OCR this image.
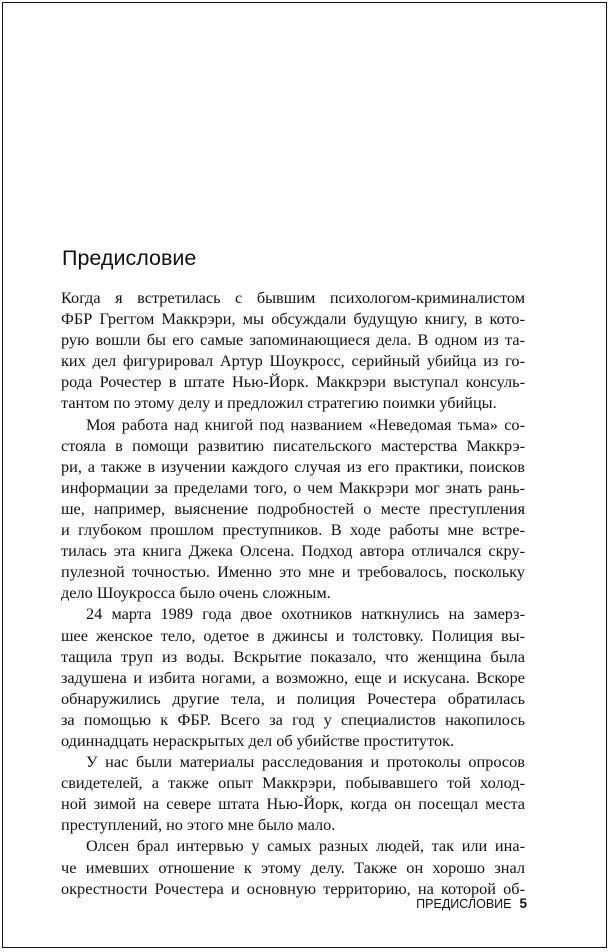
Предисловие
Когда я встретилась с бывшим психологом-криминалистом
ФБР Греггом Маккрэри, мы обсуждали будущую книгу, в кото-
рую вошли бы его самые запоминающиеся дела. В одном из та-
ких дел фигурировал Артур Шоукросс, серийный убийца из го-
рода Рочестер в штате Нью-Йорк. Маккрэри выступал консуль-
тантом по этому делу и предложил стратегию поимки убийцы.
Моя работа над книгой под названием «Неведомая тьма» со-
стояла в помощи развитию писательского мастерства Маккрэ-
ри, а также в изучении каждого случая из его практики, поисков
информации за пределами того, о чем Маккрэри мог знать рань-
ше, например, выяснение подробностей о месте преступления
и глубоком прошлом преступников. В ходе работы мне встре-
тилась эта книга Джека Олсена. Подход автора отличался скру-
пулезной точностью. Именно это мне и требовалось, поскольку
дело Шоукросса было очень сложным.
24 марта 1989 года двое охотников наткнулись на замерз-
шее женское тело, одетое в джинсы и толстовку. Полиция вы-
тащила труп из воды. Вскрытие показало, что женщина была
задушена и избита ногами, а возможно, еще и искусана. Вскоре
обнаружились другие тела, и полиция Рочестера обратилась
за помощью к ФБР. Всего за год у специалистов накопилось
одиннадцать нераскрытых дел об убийстве проституток.
У нас были материалы расследования и протоколы опросов
свидетелей, а также опыт Маккрэри, побывавшего той холод-
ной зимой на севере штата Нью-Йорк, когда он посещал места
преступлений, но этого мне было мало.
Олсен брал интервью у самых разных людей, так или ина-
че имевших отношение к этому делу. Также он хорошо знал
окрестности Рочестера и основную территорию, на которой об-
ПРЕДИСЛОВИЕ 5
